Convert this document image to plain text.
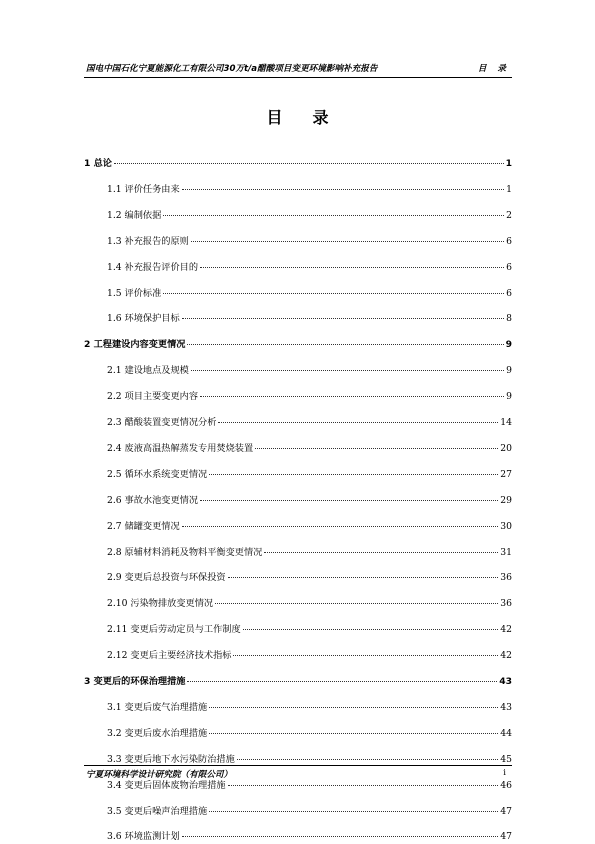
国电中国石化宁夏能源化工有限公司30万t/a醋酸项目变更环境影响补充报告	目 录
目录
1 总论	1
1.1 评价任务由来	1
1.2 编制依据	2
1.3 补充报告的原则	6
1.4 补充报告评价目的	6
1.5 评价标准	6
1.6 环境保护目标	8
2 工程建设内容变更情况	9
2.1 建设地点及规模	9
2.2 项目主要变更内容	9
2.3 醋酸装置变更情况分析	14
2.4 废液高温热解蒸发专用焚烧装置	20
2.5 循环水系统变更情况	27
2.6 事故水池变更情况	29
2.7 储罐变更情况	30
2.8 原辅材料消耗及物料平衡变更情况	31
2.9 变更后总投资与环保投资	36
2.10 污染物排放变更情况	36
2.11 变更后劳动定员与工作制度	42
2.12 变更后主要经济技术指标	42
3 变更后的环保治理措施	43
3.1 变更后废气治理措施	43
3.2 变更后废水治理措施	44
3.3 变更后地下水污染防治措施	45
3.4 变更后固体废物治理措施	46
3.5 变更后噪声治理措施	47
3.6 环境监测计划	47
宁夏环境科学设计研究院（有限公司）	i
